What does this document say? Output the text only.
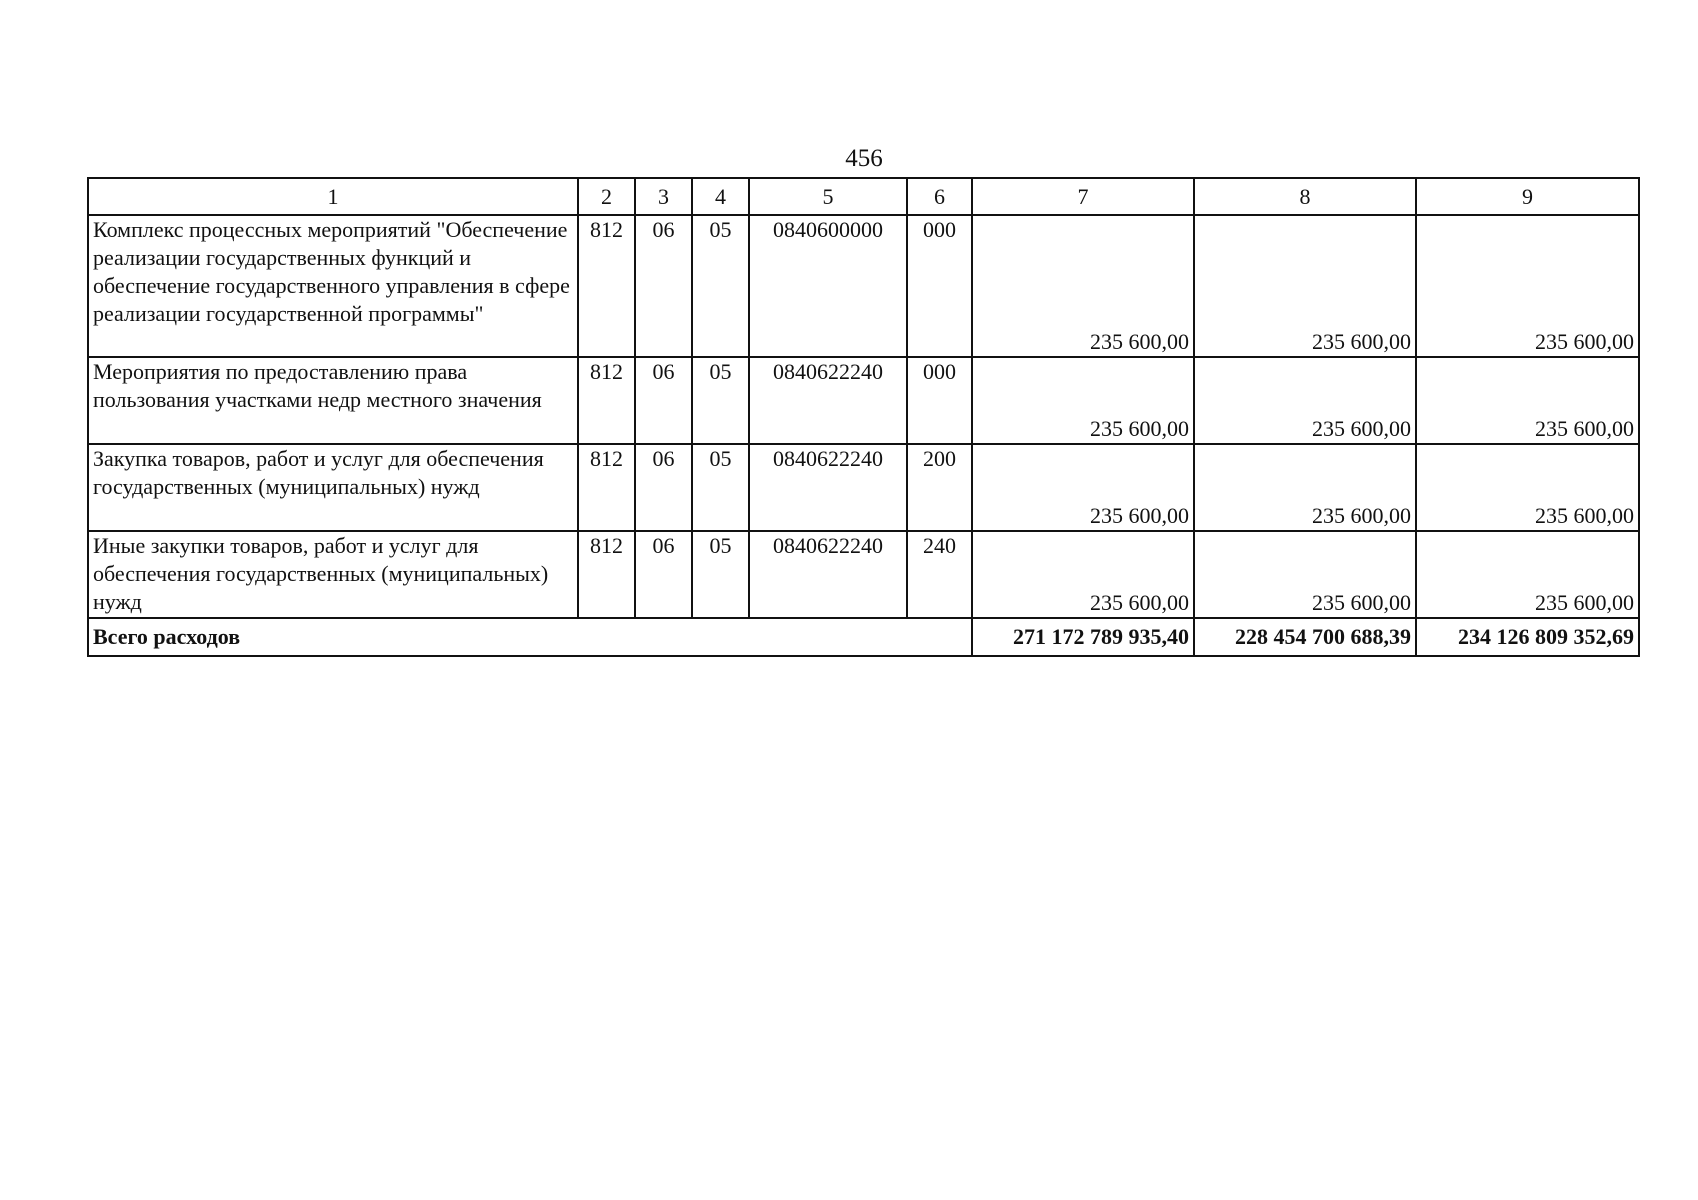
456
1	2	3	4	5	6	7	8	9
Комплекс процессных мероприятий "Обеспечение реализации государственных функций и обеспечение государственного управления в сфере реализации государственной программы"	812	06	05	0840600000	000	235 600,00	235 600,00	235 600,00
Мероприятия по предоставлению права пользования участками недр местного значения	812	06	05	0840622240	000	235 600,00	235 600,00	235 600,00
Закупка товаров, работ и услуг для обеспечения государственных (муниципальных) нужд	812	06	05	0840622240	200	235 600,00	235 600,00	235 600,00
Иные закупки товаров, работ и услуг для обеспечения государственных (муниципальных) нужд	812	06	05	0840622240	240	235 600,00	235 600,00	235 600,00
Всего расходов						271 172 789 935,40	228 454 700 688,39	234 126 809 352,69
